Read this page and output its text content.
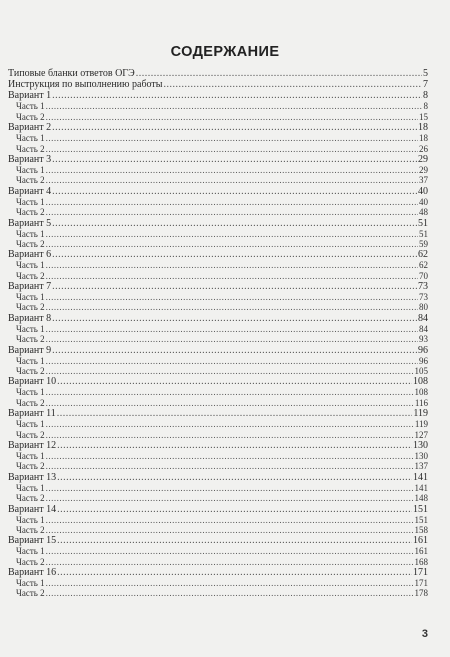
СОДЕРЖАНИЕ
Типовые бланки ответов ОГЭ .....	5
Инструкция по выполнению работы .....	7
Вариант 1 .....	8
Часть 1 .....	8
Часть 2 .....	15
Вариант 2 .....	18
Часть 1 .....	18
Часть 2 .....	26
Вариант 3 .....	29
Часть 1 .....	29
Часть 2 .....	37
Вариант 4 .....	40
Часть 1 .....	40
Часть 2 .....	48
Вариант 5 .....	51
Часть 1 .....	51
Часть 2 .....	59
Вариант 6 .....	62
Часть 1 .....	62
Часть 2 .....	70
Вариант 7 .....	73
Часть 1 .....	73
Часть 2 .....	80
Вариант 8 .....	84
Часть 1 .....	84
Часть 2 .....	93
Вариант 9 .....	96
Часть 1 .....	96
Часть 2 .....	105
Вариант 10 .....	108
Часть 1 .....	108
Часть 2 .....	116
Вариант 11 .....	119
Часть 1 .....	119
Часть 2 .....	127
Вариант 12 .....	130
Часть 1 .....	130
Часть 2 .....	137
Вариант 13 .....	141
Часть 1 .....	141
Часть 2 .....	148
Вариант 14 .....	151
Часть 1 .....	151
Часть 2 .....	158
Вариант 15 .....	161
Часть 1 .....	161
Часть 2 .....	168
Вариант 16 .....	171
Часть 1 .....	171
Часть 2 .....	178
3
